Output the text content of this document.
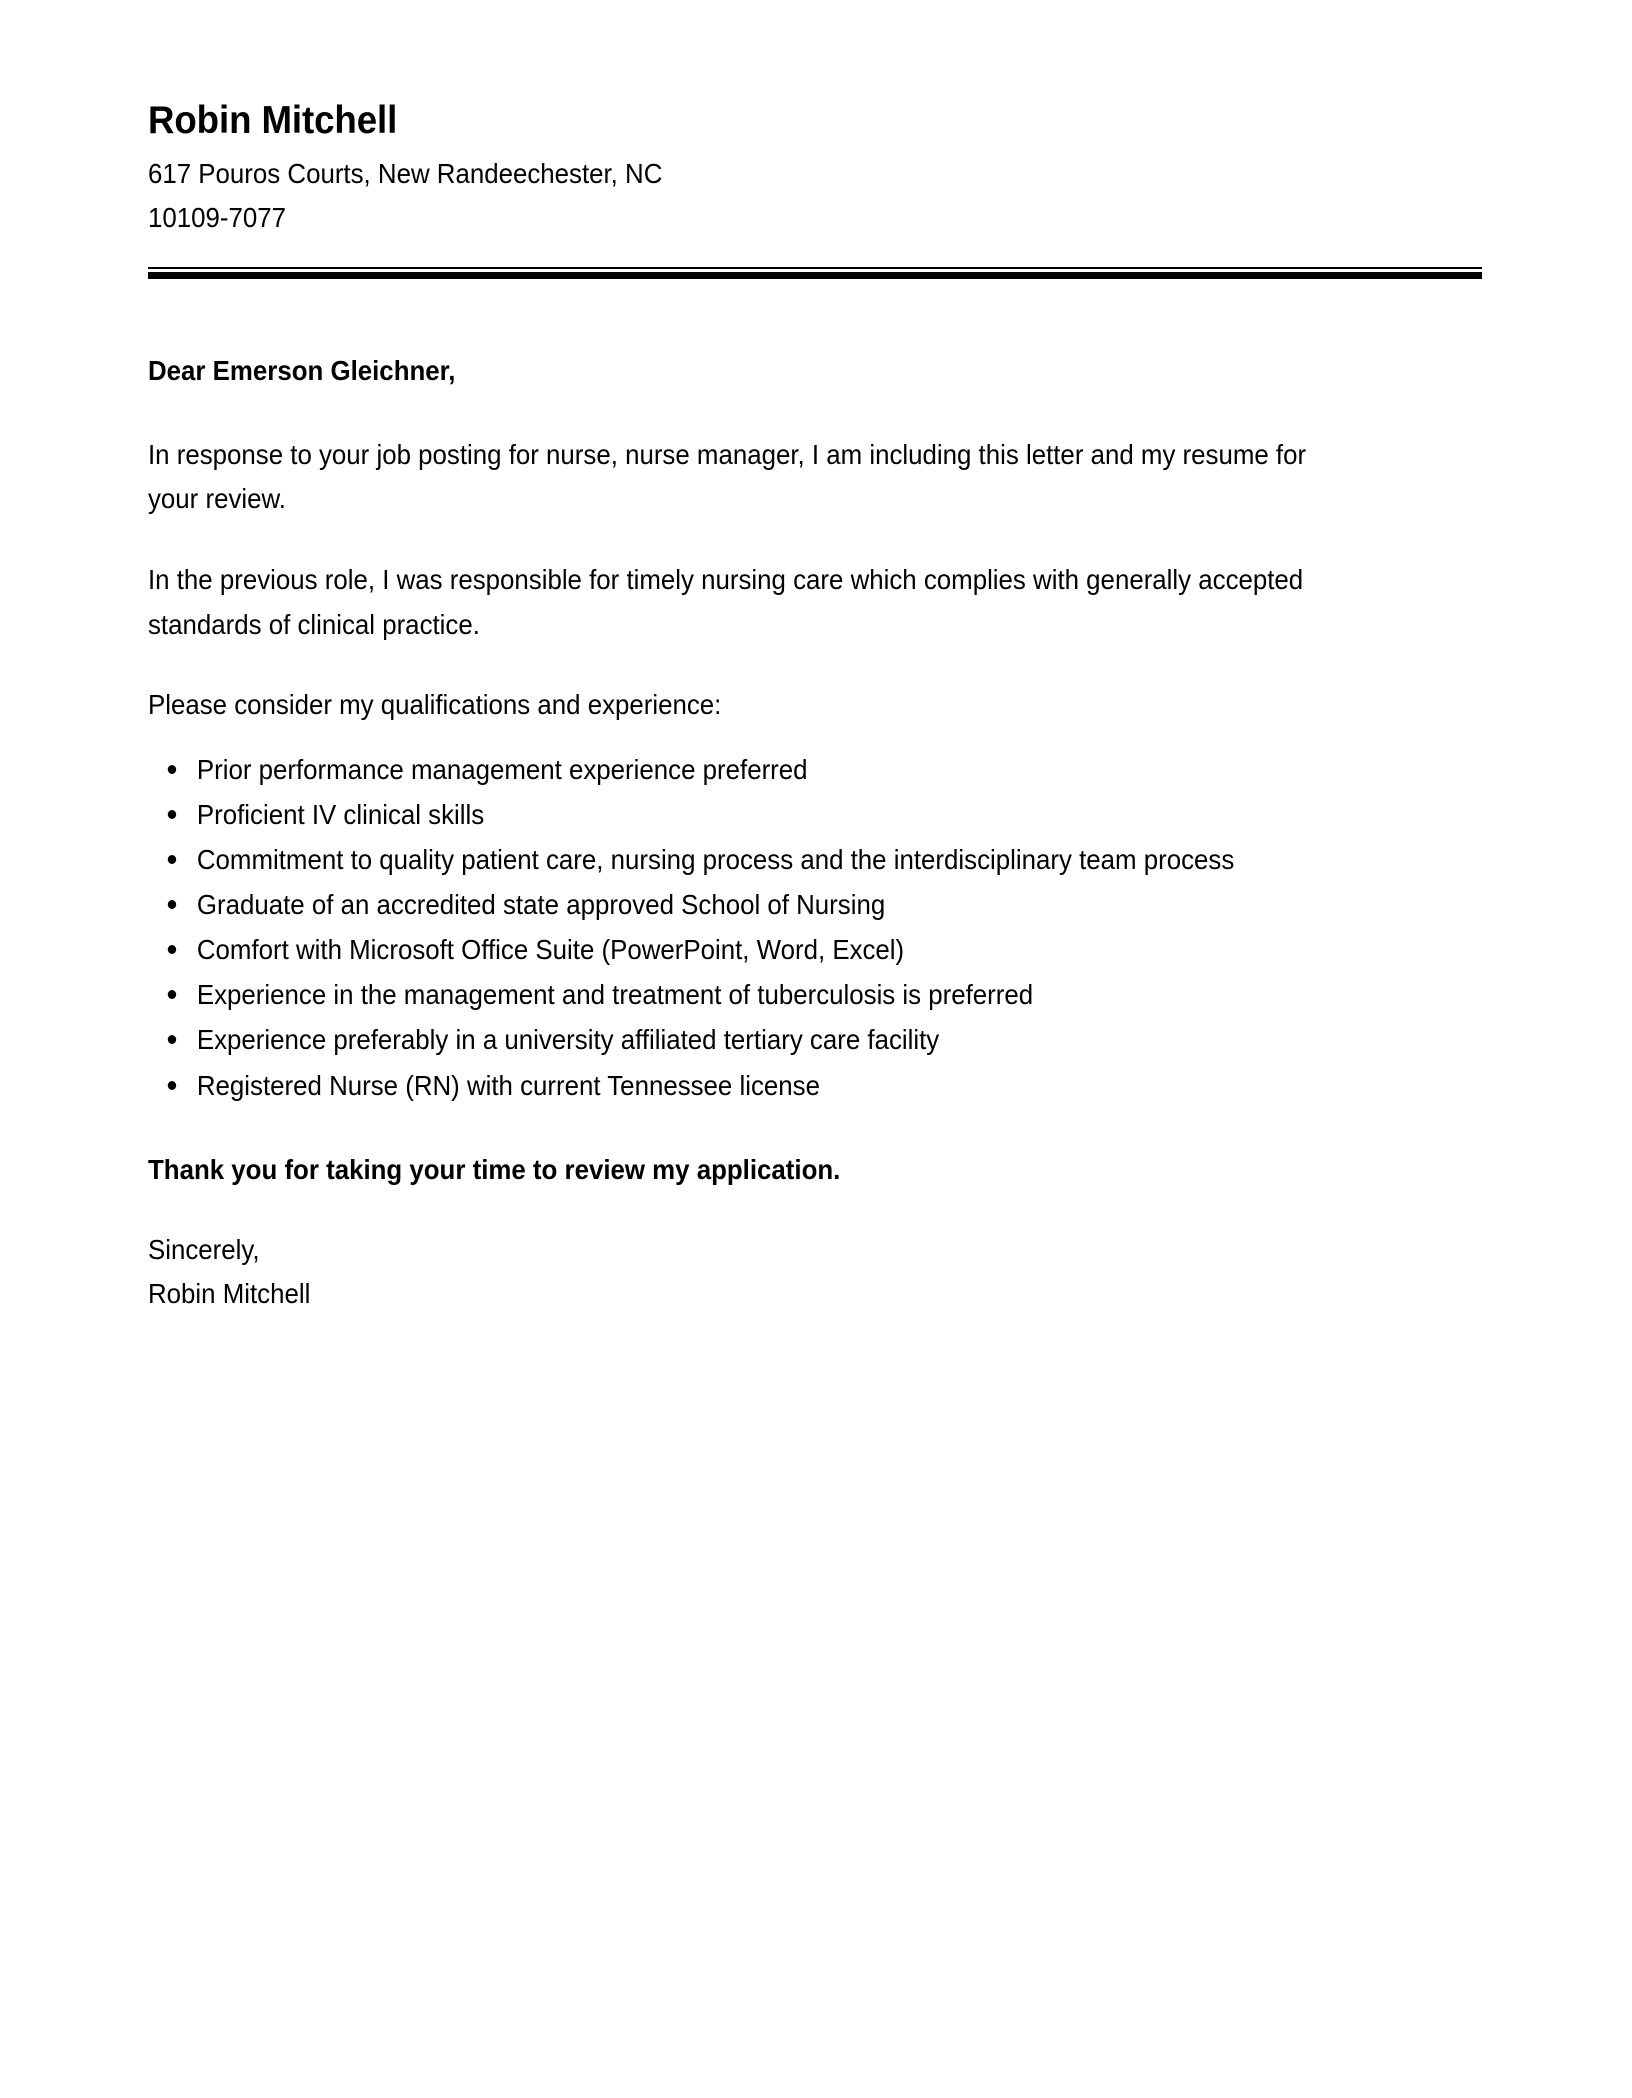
Robin Mitchell

617 Pouros Courts, New Randeechester, NC

10109-7077

Dear Emerson Gleichner,

In response to your job posting for nurse, nurse manager, I am including this letter and my resume for your review.

In the previous role, I was responsible for timely nursing care which complies with generally accepted standards of clinical practice.

Please consider my qualifications and experience:

Prior performance management experience preferred
Proficient IV clinical skills
Commitment to quality patient care, nursing process and the interdisciplinary team process
Graduate of an accredited state approved School of Nursing
Comfort with Microsoft Office Suite (PowerPoint, Word, Excel)
Experience in the management and treatment of tuberculosis is preferred
Experience preferably in a university affiliated tertiary care facility
Registered Nurse (RN) with current Tennessee license

Thank you for taking your time to review my application.

Sincerely,

Robin Mitchell
